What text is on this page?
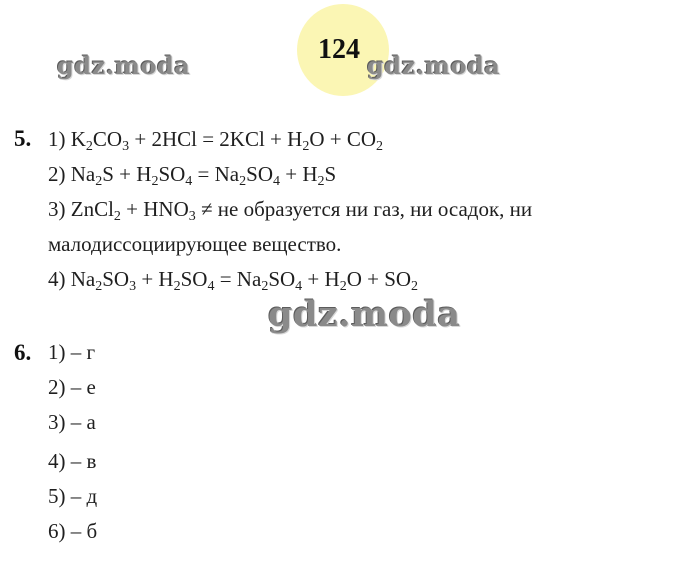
124
gdz.moda	gdz.moda
5. 1) $K_2CO_3 + 2HCl = 2KCl + H_2O + CO_2$
2) $Na_2S + H_2SO_4 = Na_2SO_4 + H_2S$
3) ZnCl$_2$ + $HNO_3$ ≠ не образуется ни газ, ни осадок, ни
малодиссоциирующее вещество.
4) $Na_2SO_3 + H_2SO_4 = Na_2SO_4 + H_2O + SO_2$
gdz.moda
6. 1) – г
2) – е
3) – а
4) – в
5) – д
6) – б
